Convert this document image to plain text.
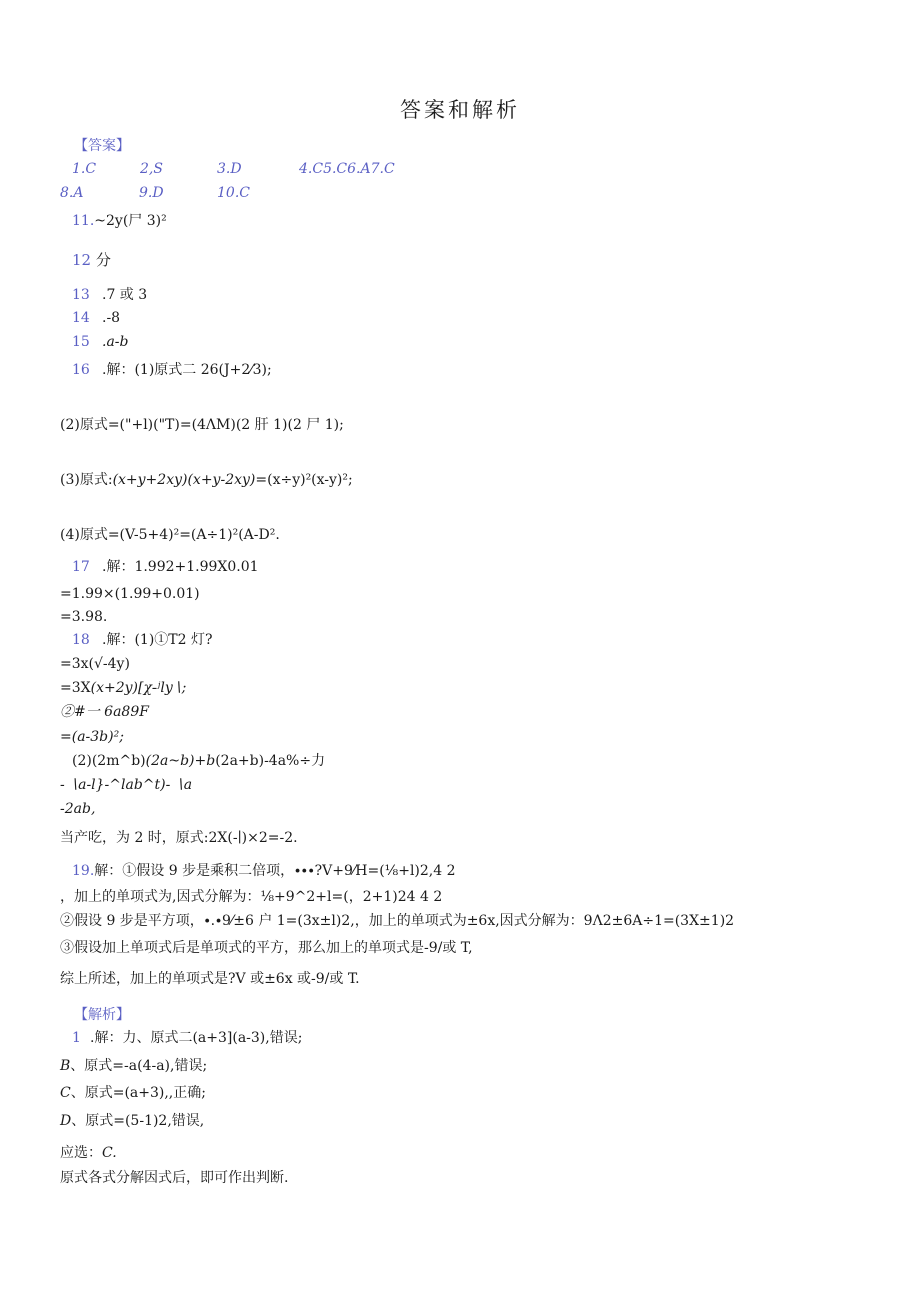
答案和解析
【答案】
1.C	2,S	3.D	4.C5.C6.A7.C
8.A	9.D	10.C
11.~2y(尸 3)²
12 分
13 .7 或 3
14 .-8
15 .a-b
16 .解：(1)原式二 26(J+2⁄3);
(2)原式=("+l)("T)=(4ΛM)(2 肝 1)(2 尸 1);
(3)原式:(x+y+2xy)(x+y-2xy)=(x÷y)²(x-y)²;
(4)原式=(V-5+4)²=(A÷1)²(A-D².
17 .解：1.992+1.99X0.01
=1.99×(1.99+0.01)
=3.98.
18 .解：(1)①T2 灯?
=3x(√-4y)
=3X(x+2y)[χ-ʲly∖;
②#一 6a89F
=(a-3b)²;
(2)(2m^b)(2a~b)+b(2a+b)-4a%÷力
- ∖a-l}-^lab^t)- ∖a
-2ab,
当产吃，为 2 时，原式:2X(-∣)×2=-2.
19.解：①假设 9 步是乘积二倍项，∙∙∙?V+9⁄H=(⅛+l)2,4 2
，加上的单项式为,因式分解为：⅛+9^2+l=(，2+1)24 4 2
②假设 9 步是平方项，∙.∙9⁄±6 户 1=(3x±l)2,，加上的单项式为±6x,因式分解为：9Λ2±6A÷1=(3X±1)2
③假设加上单项式后是单项式的平方，那么加上的单项式是-9/或 T,
综上所述，加上的单项式是?V 或±6x 或-9/或 T.
【解析】
1 .解：力、原式二(a+3](a-3),错误;
B、原式=-a(4-a),错误;
C、原式=(a+3),,正确;
D、原式=(5-1)2,错误,
应选：C.
原式各式分解因式后，即可作出判断.
